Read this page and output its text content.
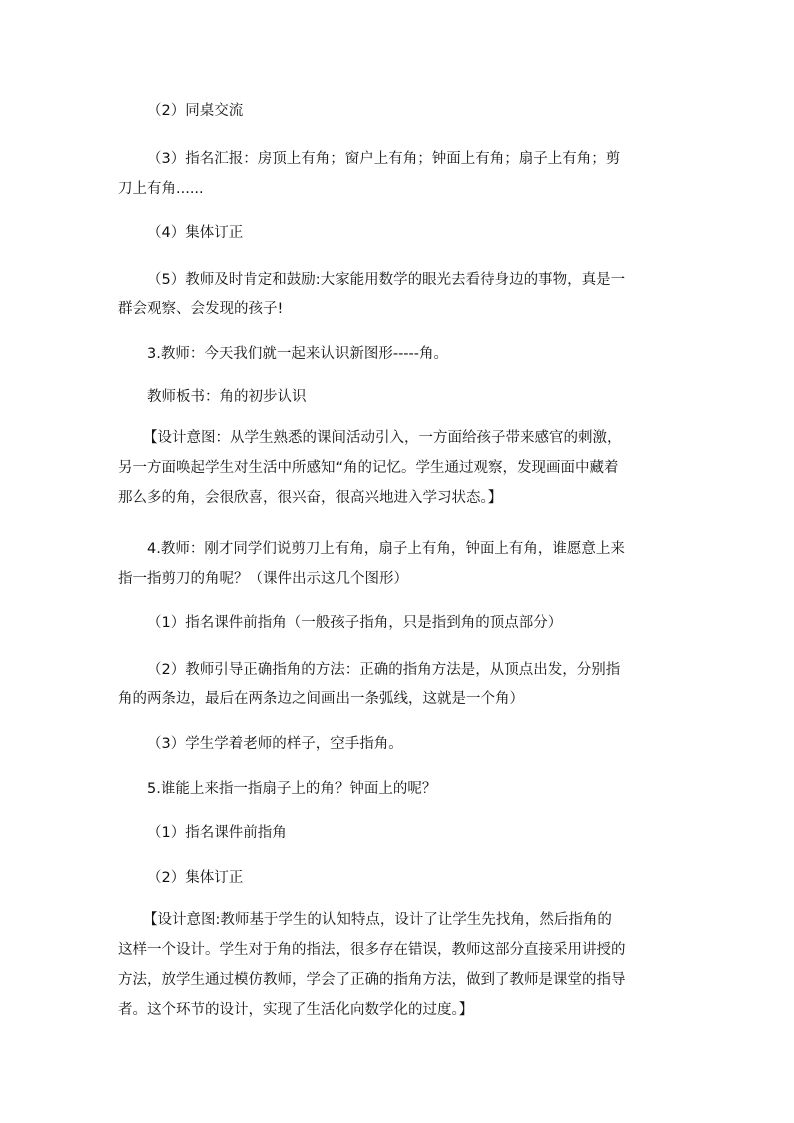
（2）同桌交流
（3）指名汇报：房顶上有角；窗户上有角；钟面上有角；扇子上有角；剪
刀上有角......
（4）集体订正
（5）教师及时肯定和鼓励:大家能用数学的眼光去看待身边的事物，真是一
群会观察、会发现的孩子!
3.教师：今天我们就一起来认识新图形-----角。
教师板书：角的初步认识
【设计意图：从学生熟悉的课间活动引入，一方面给孩子带来感官的刺激，
另一方面唤起学生对生活中所感知“角的记忆。学生通过观察，发现画面中藏着
那么多的角，会很欣喜，很兴奋，很高兴地进入学习状态。】
4.教师：刚才同学们说剪刀上有角，扇子上有角，钟面上有角，谁愿意上来
指一指剪刀的角呢？（课件出示这几个图形）
（1）指名课件前指角（一般孩子指角，只是指到角的顶点部分）
（2）教师引导正确指角的方法：正确的指角方法是，从顶点出发，分别指
角的两条边，最后在两条边之间画出一条弧线，这就是一个角）
（3）学生学着老师的样子，空手指角。
5.谁能上来指一指扇子上的角？钟面上的呢？
（1）指名课件前指角
（2）集体订正
【设计意图:教师基于学生的认知特点，设计了让学生先找角，然后指角的
这样一个设计。学生对于角的指法，很多存在错误，教师这部分直接采用讲授的
方法，放学生通过模仿教师，学会了正确的指角方法，做到了教师是课堂的指导
者。这个环节的设计，实现了生活化向数学化的过度。】
